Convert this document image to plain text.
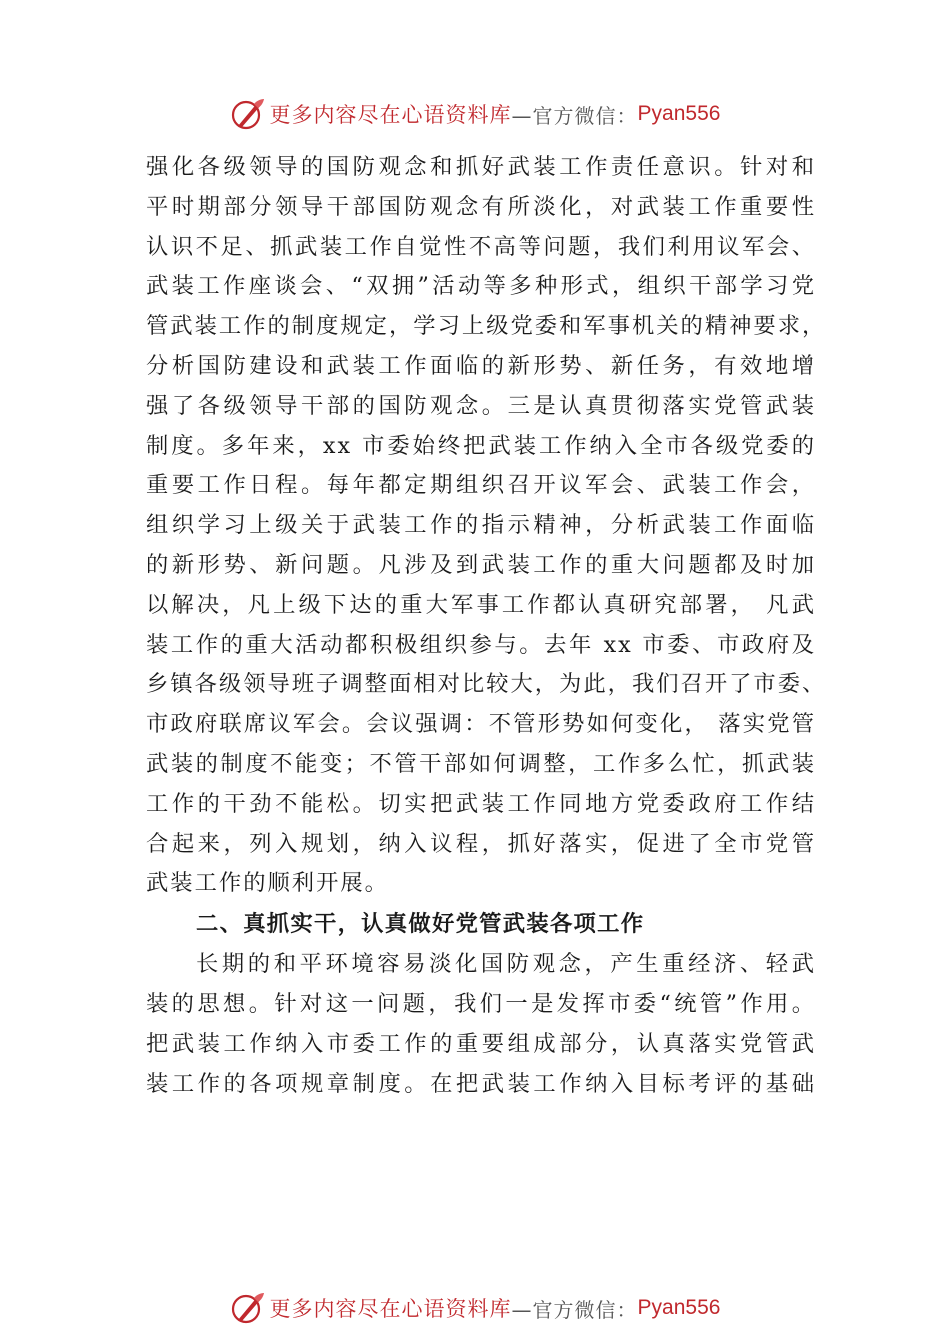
更多内容尽在心语资料库 —官方微信： Pyan556
强化各级领导的国防观念和抓好武装工作责任意识。针对和
平时期部分领导干部国防观念有所淡化，对武装工作重要性
认识不足、抓武装工作自觉性不高等问题，我们利用议军会、
武装工作座谈会、“双拥”活动等多种形式，组织干部学习党
管武装工作的制度规定，学习上级党委和军事机关的精神要求，
分析国防建设和武装工作面临的新形势、新任务，有效地增
强了各级领导干部的国防观念。三是认真贯彻落实党管武装
制度。多年来，xx 市委始终把武装工作纳入全市各级党委的
重要工作日程。每年都定期组织召开议军会、武装工作会，
组织学习上级关于武装工作的指示精神，分析武装工作面临
的新形势、新问题。凡涉及到武装工作的重大问题都及时加
以解决，凡上级下达的重大军事工作都认真研究部署， 凡武
装工作的重大活动都积极组织参与。去年 xx 市委、市政府及
乡镇各级领导班子调整面相对比较大，为此，我们召开了市委、
市政府联席议军会。会议强调：不管形势如何变化， 落实党管
武装的制度不能变；不管干部如何调整，工作多么忙，抓武装
工作的干劲不能松。切实把武装工作同地方党委政府工作结
合起来，列入规划，纳入议程，抓好落实，促进了全市党管
武装工作的顺利开展。
二、真抓实干，认真做好党管武装各项工作
长期的和平环境容易淡化国防观念，产生重经济、轻武
装的思想。针对这一问题，我们一是发挥市委“统管”作用。
把武装工作纳入市委工作的重要组成部分，认真落实党管武
装工作的各项规章制度。在把武装工作纳入目标考评的基础
更多内容尽在心语资料库 —官方微信： Pyan556
